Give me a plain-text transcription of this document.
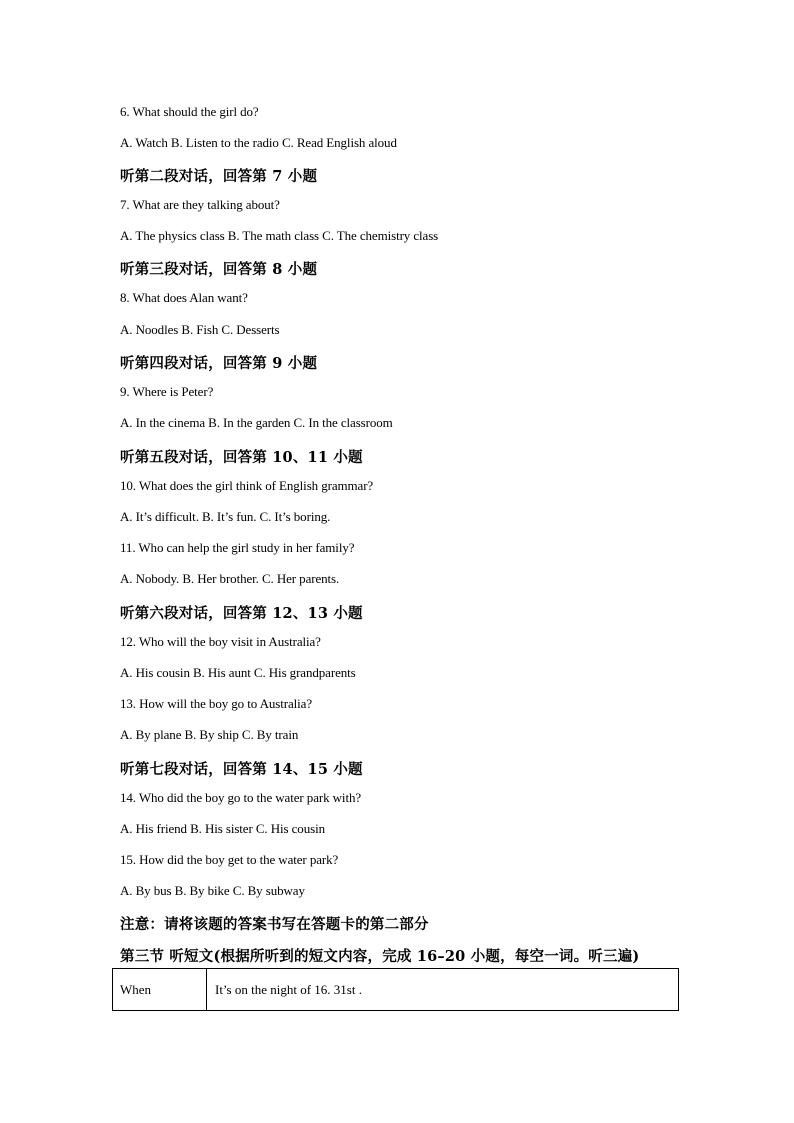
6. What should the girl do?
A. Watch B. Listen to the radio C. Read English aloud
听第二段对话，回答第 7 小题
7. What are they talking about?
A. The physics class B. The math class C. The chemistry class
听第三段对话，回答第 8 小题
8. What does Alan want?
A. Noodles B. Fish C. Desserts
听第四段对话，回答第 9 小题
9. Where is Peter?
A. In the cinema B. In the garden C. In the classroom
听第五段对话，回答第 10、11 小题
10. What does the girl think of English grammar?
A. It’s difficult. B. It’s fun. C. It’s boring.
11. Who can help the girl study in her family?
A. Nobody. B. Her brother. C. Her parents.
听第六段对话，回答第 12、13 小题
12. Who will the boy visit in Australia?
A. His cousin B. His aunt C. His grandparents
13. How will the boy go to Australia?
A. By plane B. By ship C. By train
听第七段对话，回答第 14、15 小题
14. Who did the boy go to the water park with?
A. His friend B. His sister C. His cousin
15. How did the boy get to the water park?
A. By bus B. By bike C. By subway
注意：请将该题的答案书写在答题卡的第二部分
第三节 听短文(根据所听到的短文内容，完成 16–20 小题，每空一词。听三遍)
When	It’s on the night of 16. 31st .
